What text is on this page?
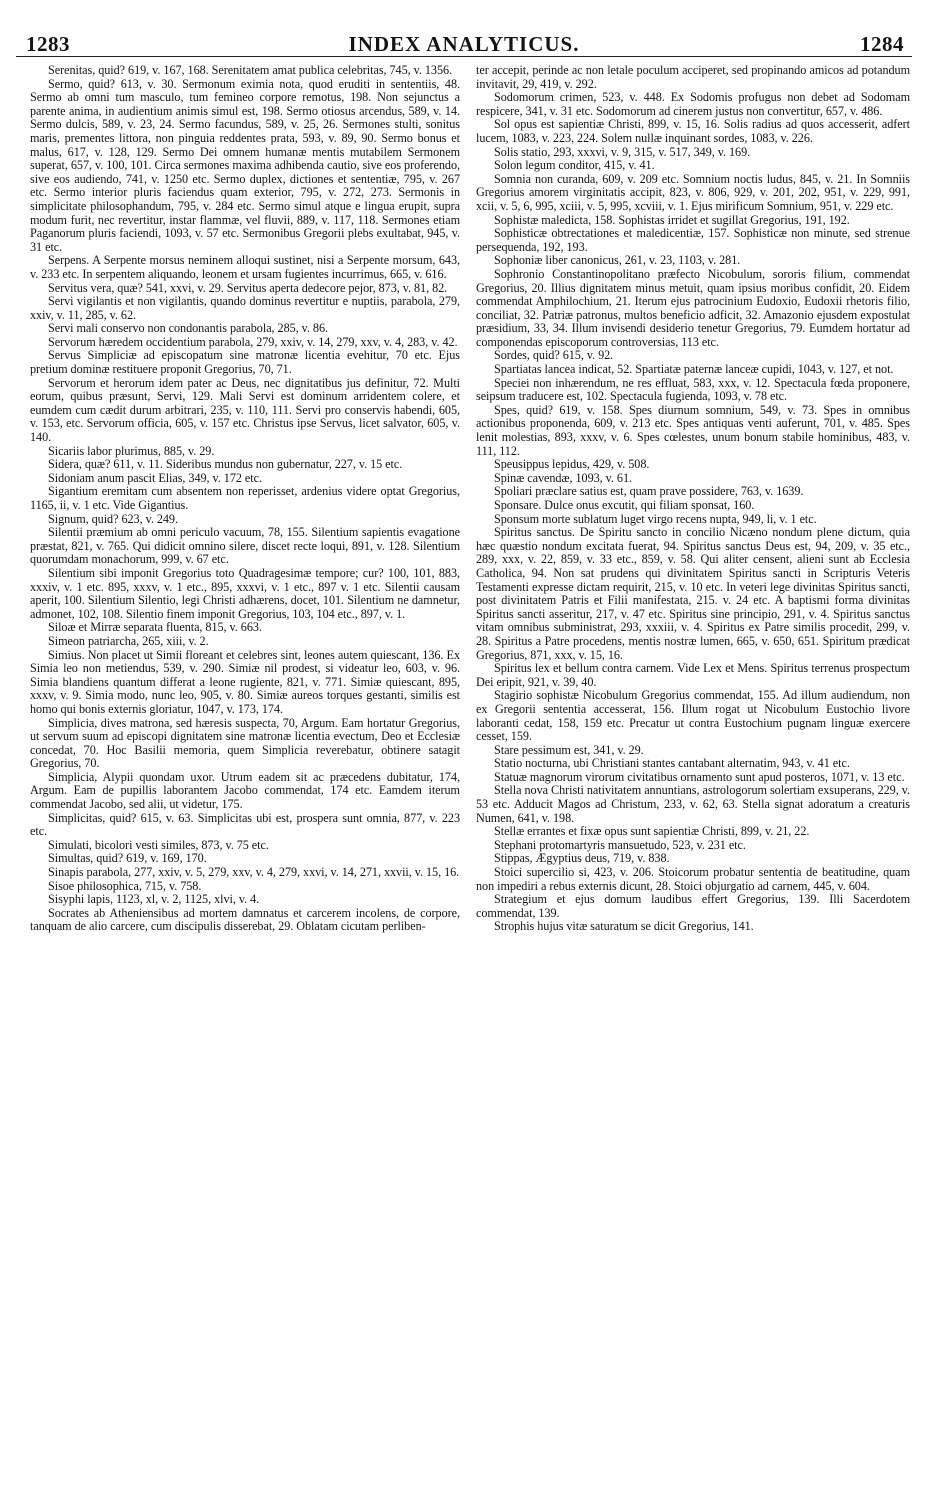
1283	INDEX ANALYTICUS.	1284

Serenitas, quid? 619, v. 167, 168. Serenitatem amat publica celebritas, 745, v. 1356.

Sermo, quid? 613, v. 30. Sermonum eximia nota, quod eruditi in sententiis, 48. Sermo ab omni tum masculo, tum femineo corpore remotus, 198. Non sejunctus a parente anima, in audientium animis simul est, 198. Sermo otiosus arcendus, 589, v. 14. Sermo dulcis, 589, v. 23, 24. Sermo facundus, 589, v. 25, 26. Sermones stulti, sonitus maris, prementes littora, non pinguia reddentes prata, 593, v. 89, 90. Sermo bonus et malus, 617, v. 128, 129. Sermo Dei omnem humanæ mentis mutabilem Sermonem superat, 657, v. 100, 101. Circa sermones maxima adhibenda cautio, sive eos proferendo, sive eos audiendo, 741, v. 1250 etc. Sermo duplex, dictiones et sententiæ, 795, v. 267 etc. Sermo interior pluris faciendus quam exterior, 795, v. 272, 273. Sermonis in simplicitate philosophandum, 795, v. 284 etc. Sermo simul atque e lingua erupit, supra modum furit, nec revertitur, instar flammæ, vel fluvii, 889, v. 117, 118. Sermones etiam Paganorum pluris faciendi, 1093, v. 57 etc. Sermonibus Gregorii plebs exultabat, 945, v. 31 etc.

Serpens. A Serpente morsus neminem alloqui sustinet, nisi a Serpente morsum, 643, v. 233 etc. In serpentem aliquando, leonem et ursam fugientes incurrimus, 665, v. 616.

Servitus vera, quæ? 541, xxvi, v. 29. Servitus aperta dedecore pejor, 873, v. 81, 82.

Servi vigilantis et non vigilantis, quando dominus revertitur e nuptiis, parabola, 279, xxiv, v. 11, 285, v. 62.

Servi mali conservo non condonantis parabola, 285, v. 86.

Servorum hæredem occidentium parabola, 279, xxiv, v. 14, 279, xxv, v. 4, 283, v. 42.

Servus Simpliciæ ad episcopatum sine matronæ licentia evehitur, 70 etc. Ejus pretium dominæ restituere proponit Gregorius, 70, 71.

Servorum et herorum idem pater ac Deus, nec dignitatibus jus definitur, 72. Multi eorum, quibus præsunt, Servi, 129. Mali Servi est dominum arridentem colere, et eumdem cum cædit durum arbitrari, 235, v. 110, 111. Servi pro conservis habendi, 605, v. 153, etc. Servorum officia, 605, v. 157 etc. Christus ipse Servus, licet salvator, 605, v. 140.

Sicariis labor plurimus, 885, v. 29.

Sidera, quæ? 611, v. 11. Sideribus mundus non gubernatur, 227, v. 15 etc.

Sidoniam anum pascit Elias, 349, v. 172 etc.

Sigantium eremitam cum absentem non reperisset, ardenius videre optat Gregorius, 1165, ii, v. 1 etc. Vide Gigantius.

Signum, quid? 623, v. 249.

Silentii præmium ab omni periculo vacuum, 78, 155. Silentium sapientis evagatione præstat, 821, v. 765. Qui didicit omnino silere, discet recte loqui, 891, v. 128. Silentium quorumdam monachorum, 999, v. 67 etc.

Silentium sibi imponit Gregorius toto Quadragesimæ tempore; cur? 100, 101, 883, xxxiv, v. 1 etc. 895, xxxv, v. 1 etc., 895, xxxvi, v. 1 etc., 897 v. 1 etc. Silentii causam aperit, 100. Silentium Silentio, legi Christi adhærens, docet, 101. Silentium ne damnetur, admonet, 102, 108. Silentio finem imponit Gregorius, 103, 104 etc., 897, v. 1.

Siloæ et Mirræ separata fluenta, 815, v. 663.

Simeon patriarcha, 265, xiii, v. 2.

Simius. Non placet ut Simii floreant et celebres sint, leones autem quiescant, 136. Ex Simia leo non metiendus, 539, v. 290. Simiæ nil prodest, si videatur leo, 603, v. 96. Simia blandiens quantum differat a leone rugiente, 821, v. 771. Simiæ quiescant, 895, xxxv, v. 9. Simia modo, nunc leo, 905, v. 80. Simiæ aureos torques gestanti, similis est homo qui bonis externis gloriatur, 1047, v. 173, 174.

Simplicia, dives matrona, sed hæresis suspecta, 70, Argum. Eam hortatur Gregorius, ut servum suum ad episcopi dignitatem sine matronæ licentia evectum, Deo et Ecclesiæ concedat, 70. Hoc Basilii memoria, quem Simplicia reverebatur, obtinere satagit Gregorius, 70.

Simplicia, Alypii quondam uxor. Utrum eadem sit ac præcedens dubitatur, 174, Argum. Eam de pupillis laborantem Jacobo commendat, 174 etc. Eamdem iterum commendat Jacobo, sed alii, ut videtur, 175.

Simplicitas, quid? 615, v. 63. Simplicitas ubi est, prospera sunt omnia, 877, v. 223 etc.

Simulati, bicolori vesti similes, 873, v. 75 etc.

Simultas, quid? 619, v. 169, 170.

Sinapis parabola, 277, xxiv, v. 5, 279, xxv, v. 4, 279, xxvi, v. 14, 271, xxvii, v. 15, 16.

Sisoe philosophica, 715, v. 758.

Sisyphi lapis, 1123, xl, v. 2, 1125, xlvi, v. 4.

Socrates ab Atheniensibus ad mortem damnatus et carcerem incolens, de corpore, tanquam de alio carcere, cum discipulis disserebat, 29. Oblatam cicutam perliben-

ter accepit, perinde ac non letale poculum acciperet, sed propinando amicos ad potandum invitavit, 29, 419, v. 292.

Sodomorum crimen, 523, v. 448. Ex Sodomis profugus non debet ad Sodomam respicere, 341, v. 31 etc. Sodomorum ad cinerem justus non convertitur, 657, v. 486.

Sol opus est sapientiæ Christi, 899, v. 15, 16. Solis radius ad quos accesserit, adfert lucem, 1083, v. 223, 224. Solem nullæ inquinant sordes, 1083, v. 226.

Solis statio, 293, xxxvi, v. 9, 315, v. 517, 349, v. 169.

Solon legum conditor, 415, v. 41.

Somnia non curanda, 609, v. 209 etc. Somnium noctis ludus, 845, v. 21. In Somniis Gregorius amorem virginitatis accipit, 823, v. 806, 929, v. 201, 202, 951, v. 229, 991, xcii, v. 5, 6, 995, xciii, v. 5, 995, xcviii, v. 1. Ejus mirificum Somnium, 951, v. 229 etc.

Sophistæ maledicta, 158. Sophistas irridet et sugillat Gregorius, 191, 192.

Sophisticæ obtrectationes et maledicentiæ, 157. Sophisticæ non minute, sed strenue persequenda, 192, 193.

Sophoniæ liber canonicus, 261, v. 23, 1103, v. 281.

Sophronio Constantinopolitano præfecto Nicobulum, sororis filium, commendat Gregorius, 20. Illius dignitatem minus metuit, quam ipsius moribus confidit, 20. Eidem commendat Amphilochium, 21. Iterum ejus patrocinium Eudoxio, Eudoxii rhetoris filio, conciliat, 32. Patriæ patronus, multos beneficio adficit, 32. Amazonio ejusdem expostulat præsidium, 33, 34. Illum invisendi desiderio tenetur Gregorius, 79. Eumdem hortatur ad componendas episcoporum controversias, 113 etc.

Sordes, quid? 615, v. 92.

Spartiatas lancea indicat, 52. Spartiatæ paternæ lanceæ cupidi, 1043, v. 127, et not.

Speciei non inhærendum, ne res effluat, 583, xxx, v. 12. Spectacula fœda proponere, seipsum traducere est, 102. Spectacula fugienda, 1093, v. 78 etc.

Spes, quid? 619, v. 158. Spes diurnum somnium, 549, v. 73. Spes in omnibus actionibus proponenda, 609, v. 213 etc. Spes antiquas venti auferunt, 701, v. 485. Spes lenit molestias, 893, xxxv, v. 6. Spes cœlestes, unum bonum stabile hominibus, 483, v. 111, 112.

Speusippus lepidus, 429, v. 508.

Spinæ cavendæ, 1093, v. 61.

Spoliari præclare satius est, quam prave possidere, 763, v. 1639.

Sponsare. Dulce onus excutit, qui filiam sponsat, 160.

Sponsum morte sublatum luget virgo recens nupta, 949, li, v. 1 etc.

Spiritus sanctus. De Spiritu sancto in concilio Nicæno nondum plene dictum, quia hæc quæstio nondum excitata fuerat, 94. Spiritus sanctus Deus est, 94, 209, v. 35 etc., 289, xxx, v. 22, 859, v. 33 etc., 859, v. 58. Qui aliter censent, alieni sunt ab Ecclesia Catholica, 94. Non sat prudens qui divinitatem Spiritus sancti in Scripturis Veteris Testamenti expresse dictam requirit, 215, v. 10 etc. In veteri lege divinitas Spiritus sancti, post divinitatem Patris et Filii manifestata, 215. v. 24 etc. A baptismi forma divinitas Spiritus sancti asseritur, 217, v. 47 etc. Spiritus sine principio, 291, v. 4. Spiritus sanctus vitam omnibus subministrat, 293, xxxiii, v. 4. Spiritus ex Patre similis procedit, 299, v. 28. Spiritus a Patre procedens, mentis nostræ lumen, 665, v. 650, 651. Spiritum prædicat Gregorius, 871, xxx, v. 15, 16.

Spiritus lex et bellum contra carnem. Vide Lex et Mens. Spiritus terrenus prospectum Dei eripit, 921, v. 39, 40.

Stagirio sophistæ Nicobulum Gregorius commendat, 155. Ad illum audiendum, non ex Gregorii sententia accesserat, 156. Illum rogat ut Nicobulum Eustochio livore laboranti cedat, 158, 159 etc. Precatur ut contra Eustochium pugnam linguæ exercere cesset, 159.

Stare pessimum est, 341, v. 29.

Statio nocturna, ubi Christiani stantes cantabant alternatim, 943, v. 41 etc.

Statuæ magnorum virorum civitatibus ornamento sunt apud posteros, 1071, v. 13 etc.

Stella nova Christi nativitatem annuntians, astrologorum solertiam exsuperans, 229, v. 53 etc. Adducit Magos ad Christum, 233, v. 62, 63. Stella signat adoratum a creaturis Numen, 641, v. 198.

Stellæ errantes et fixæ opus sunt sapientiæ Christi, 899, v. 21, 22.

Stephani protomartyris mansuetudo, 523, v. 231 etc.

Stippas, Ægyptius deus, 719, v. 838.

Stoici supercilio si, 423, v. 206. Stoicorum probatur sententia de beatitudine, quam non impediri a rebus externis dicunt, 28. Stoici objurgatio ad carnem, 445, v. 604.

Strategium et ejus domum laudibus effert Gregorius, 139. Illi Sacerdotem commendat, 139.

Strophis hujus vitæ saturatum se dicit Gregorius, 141.
